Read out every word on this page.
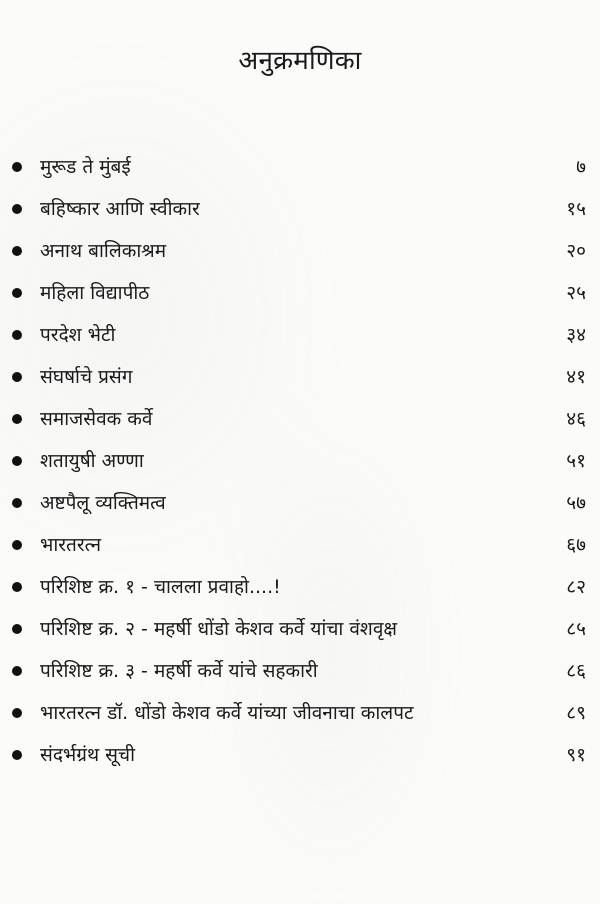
अनुक्रमणिका
मुरूड ते मुंबई	७
बहिष्कार आणि स्वीकार	१५
अनाथ बालिकाश्रम	२०
महिला विद्यापीठ	२५
परदेश भेटी	३४
संघर्षाचे प्रसंग	४१
समाजसेवक कर्वे	४६
शतायुषी अण्णा	५१
अष्टपैलू व्यक्तिमत्व	५७
भारतरत्न	६७
परिशिष्ट क्र. १ - चालला प्रवाहो....!	८२
परिशिष्ट क्र. २ - महर्षी धोंडो केशव कर्वे यांचा वंशवृक्ष	८५
परिशिष्ट क्र. ३ - महर्षी कर्वे यांचे सहकारी	८६
भारतरत्न डॉ. धोंडो केशव कर्वे यांच्या जीवनाचा कालपट	८९
संदर्भग्रंथ सूची	९१
